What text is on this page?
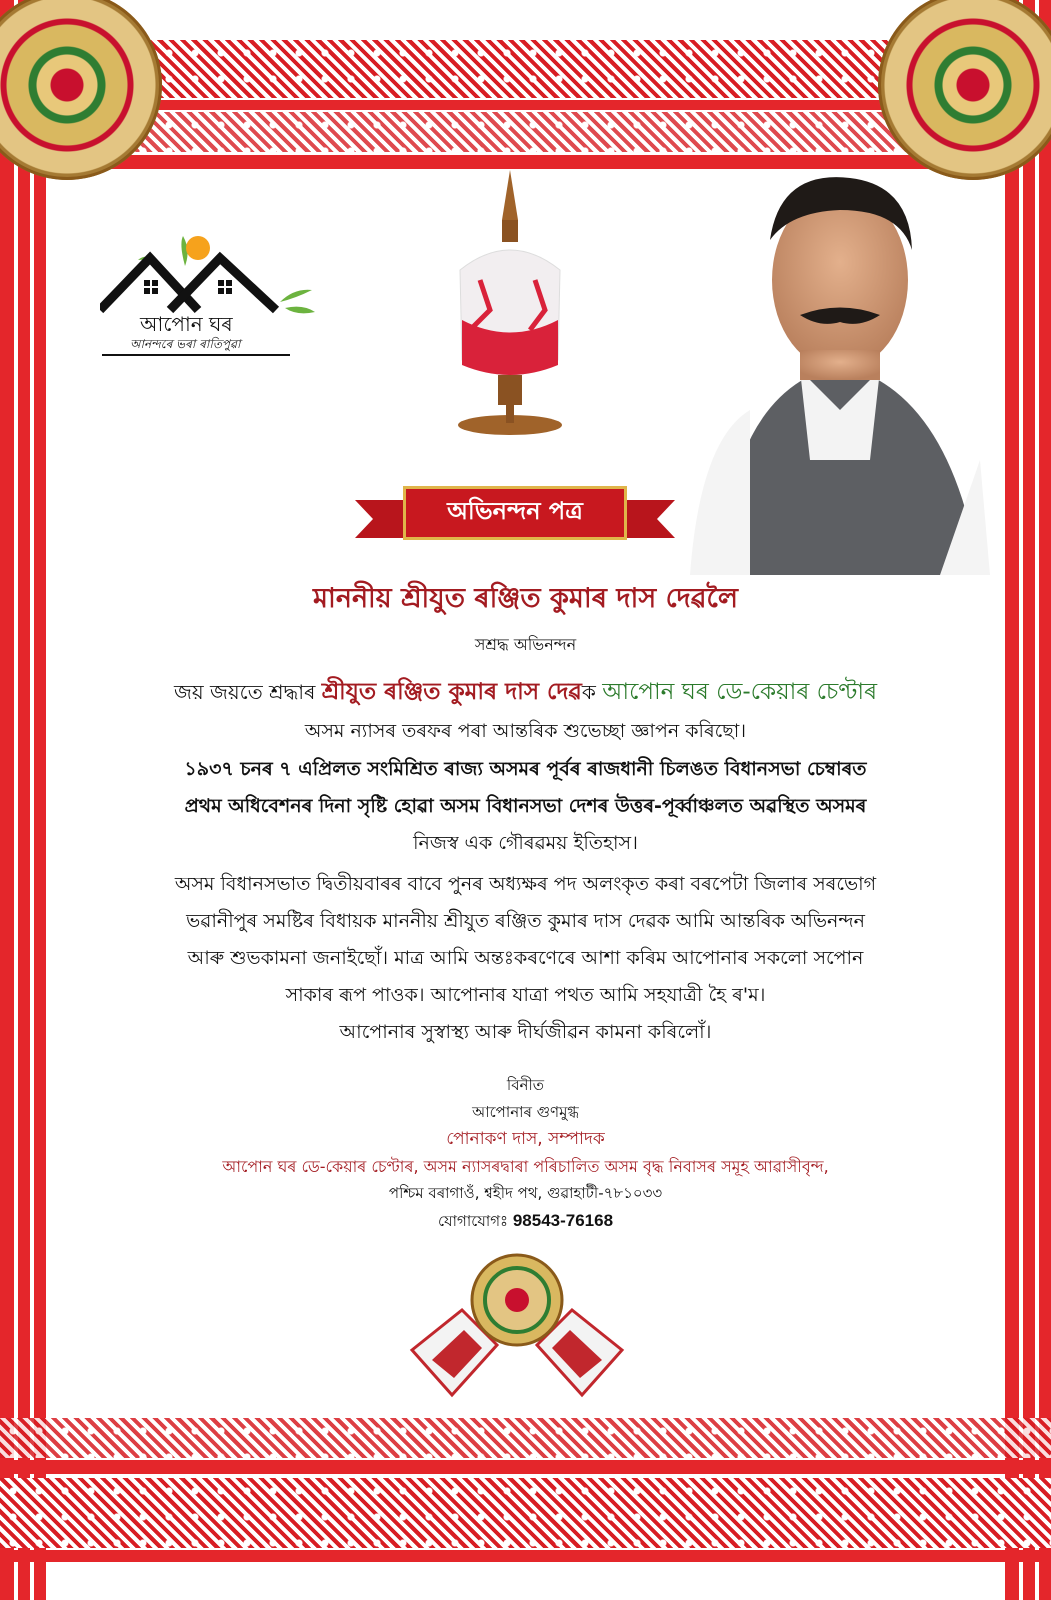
আপোন ঘৰ
আনন্দৰে ভৰা ৰাতিপুৱা
অভিনন্দন পত্ৰ
মাননীয় শ্ৰীযুত ৰঞ্জিত কুমাৰ দাস দেৱলৈ
সশ্ৰদ্ধ অভিনন্দন
জয় জয়তে শ্ৰদ্ধাৰ শ্ৰীযুত ৰঞ্জিত কুমাৰ দাস দেৱক আপোন ঘৰ ডে-কেয়াৰ চেণ্টাৰ
অসম ন্যাসৰ তৰফৰ পৰা আন্তৰিক শুভেচ্ছা জ্ঞাপন কৰিছো।
১৯৩৭ চনৰ ৭ এপ্ৰিলত সংমিশ্ৰিত ৰাজ্য অসমৰ পূৰ্বৰ ৰাজধানী চিলঙত বিধানসভা চেম্বাৰত
প্ৰথম অধিবেশনৰ দিনা সৃষ্টি হোৱা অসম বিধানসভা দেশৰ উত্তৰ-পূৰ্ব্বাঞ্চলত অৱস্থিত অসমৰ
নিজস্ব এক গৌৰৱময় ইতিহাস।
অসম বিধানসভাত দ্বিতীয়বাৰৰ বাবে পুনৰ অধ্যক্ষৰ পদ অলংকৃত কৰা বৰপেটা জিলাৰ সৰভোগ
ভৱানীপুৰ সমষ্টিৰ বিধায়ক মাননীয় শ্ৰীযুত ৰঞ্জিত কুমাৰ দাস দেৱক আমি আন্তৰিক অভিনন্দন
আৰু শুভকামনা জনাইছোঁ। মাত্ৰ আমি অন্তঃকৰণেৰে আশা কৰিম আপোনাৰ সকলো সপোন
সাকাৰ ৰূপ পাওক। আপোনাৰ যাত্ৰা পথত আমি সহযাত্ৰী হৈ ৰ'ম।
আপোনাৰ সুস্বাস্থ্য আৰু দীৰ্ঘজীৱন কামনা কৰিলোঁ।
বিনীত
আপোনাৰ গুণমুগ্ধ
পোনাকণ দাস, সম্পাদক
আপোন ঘৰ ডে-কেয়াৰ চেণ্টাৰ, অসম ন্যাসৰদ্বাৰা পৰিচালিত অসম বৃদ্ধ নিবাসৰ সমূহ আৱাসীবৃন্দ,
পশ্চিম বৰাগাওঁ, শ্বহীদ পথ, গুৱাহাটী-৭৮১০৩৩
যোগাযোগঃ 98543-76168
